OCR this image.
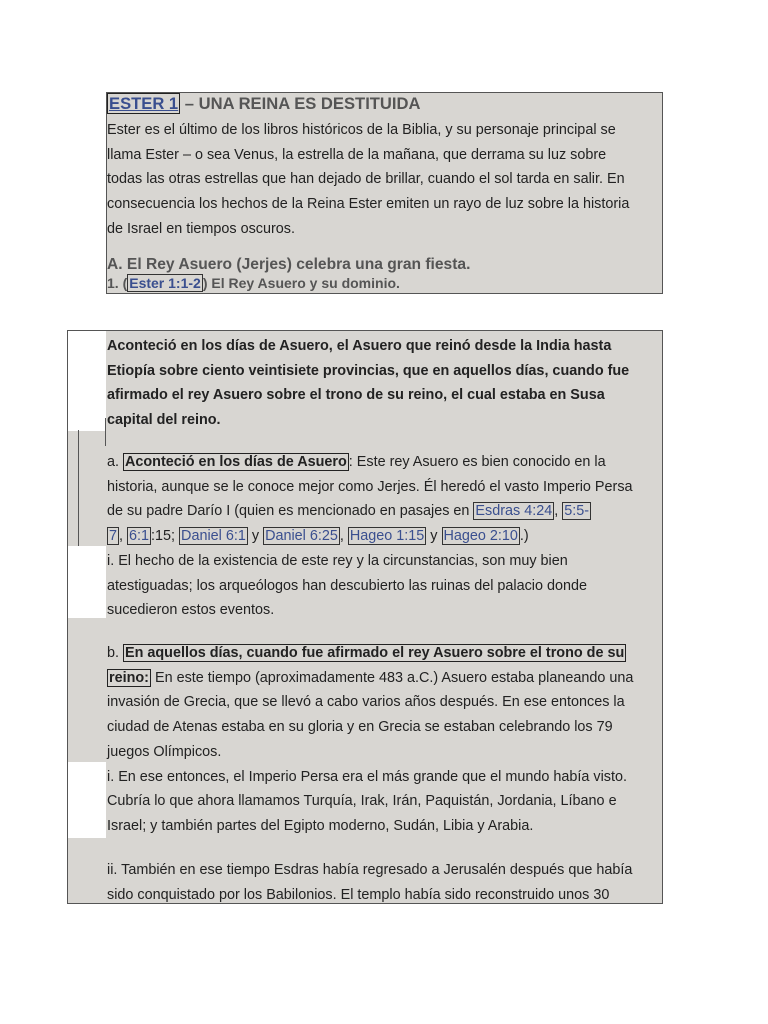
ESTER 1 – UNA REINA ES DESTITUIDA
Ester es el último de los libros históricos de la Biblia, y su personaje principal se
llama Ester – o sea Venus, la estrella de la mañana, que derrama su luz sobre
todas las otras estrellas que han dejado de brillar, cuando el sol tarda en salir. En
consecuencia los hechos de la Reina Ester emiten un rayo de luz sobre la historia
de Israel en tiempos oscuros.
A. El Rey Asuero (Jerjes) celebra una gran fiesta.
1. ( Ester 1:1-2 ) El Rey Asuero y su dominio.
Aconteció en los días de Asuero, el Asuero que reinó desde la India hasta
Etiopía sobre ciento veintisiete provincias, que en aquellos días, cuando fue
afirmado el rey Asuero sobre el trono de su reino, el cual estaba en Susa
capital del reino.
a. Aconteció en los días de Asuero : Este rey Asuero es bien conocido en la
historia, aunque se le conoce mejor como Jerjes. Él heredó el vasto Imperio Persa
de su padre Darío I (quien es mencionado en pasajes en Esdras 4:24 , 5:5-
7 , 6:1 :15; Daniel 6:1 y Daniel 6:25 , Hageo 1:15 y Hageo 2:10 .)
i. El hecho de la existencia de este rey y la circunstancias, son muy bien
atestiguadas; los arqueólogos han descubierto las ruinas del palacio donde
sucedieron estos eventos.
b. En aquellos días, cuando fue afirmado el rey Asuero sobre el trono de su
reino: En este tiempo (aproximadamente 483 a.C.) Asuero estaba planeando una
invasión de Grecia, que se llevó a cabo varios años después. En ese entonces la
ciudad de Atenas estaba en su gloria y en Grecia se estaban celebrando los 79
juegos Olímpicos.
i. En ese entonces, el Imperio Persa era el más grande que el mundo había visto.
Cubría lo que ahora llamamos Turquía, Irak, Irán, Paquistán, Jordania, Líbano e
Israel; y también partes del Egipto moderno, Sudán, Libia y Arabia.
ii. También en ese tiempo Esdras había regresado a Jerusalén después que había
sido conquistado por los Babilonios. El templo había sido reconstruido unos 30
